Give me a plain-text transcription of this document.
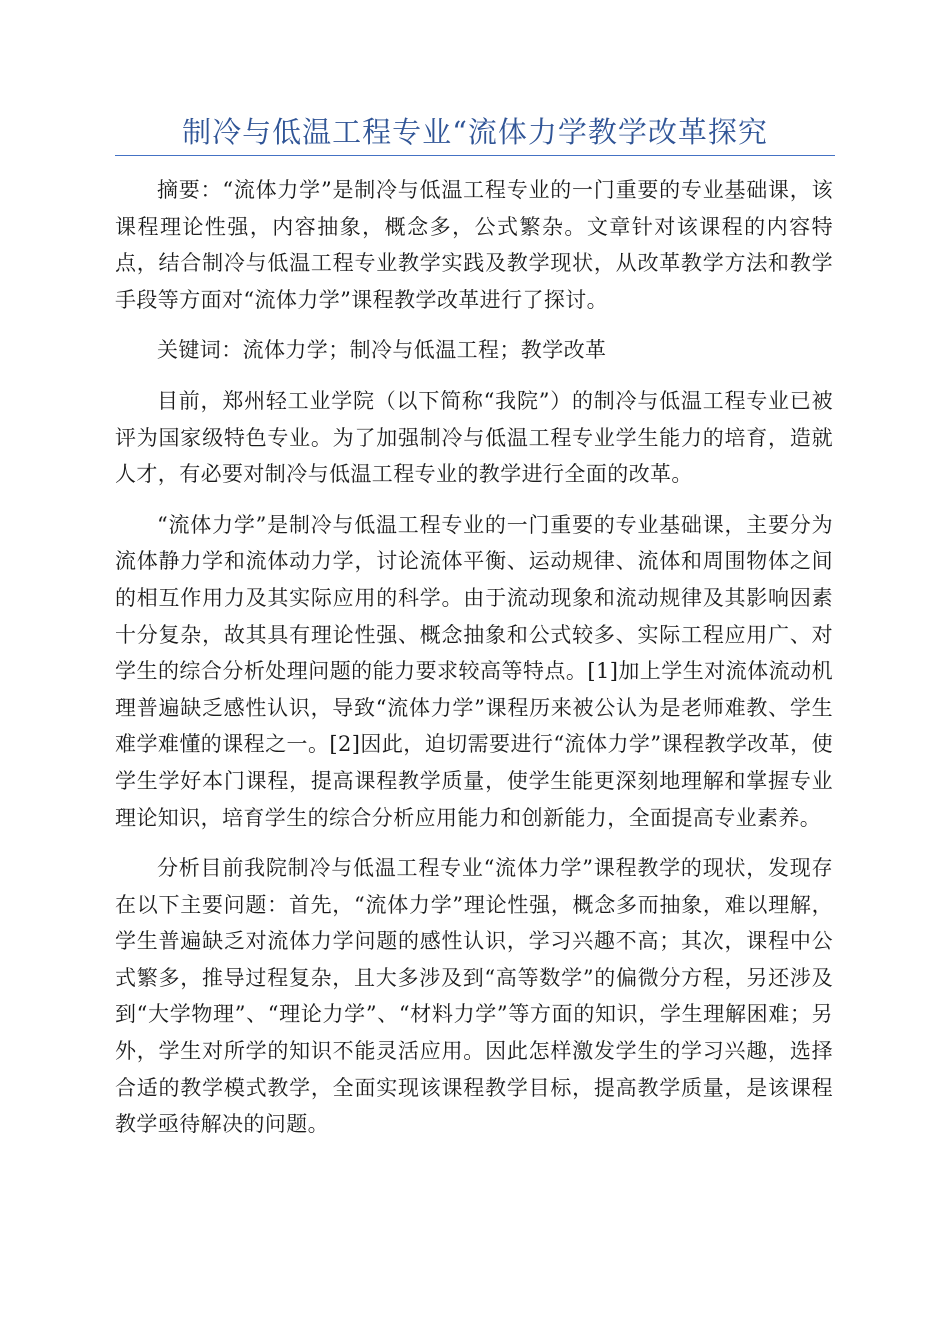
制冷与低温工程专业“流体力学教学改革探究

摘要：“流体力学”是制冷与低温工程专业的一门重要的专业基础课，该课程理论性强，内容抽象，概念多，公式繁杂。文章针对该课程的内容特点，结合制冷与低温工程专业教学实践及教学现状，从改革教学方法和教学手段等方面对“流体力学”课程教学改革进行了探讨。

关键词：流体力学；制冷与低温工程；教学改革

目前，郑州轻工业学院（以下简称“我院”）的制冷与低温工程专业已被评为国家级特色专业。为了加强制冷与低温工程专业学生能力的培育，造就人才，有必要对制冷与低温工程专业的教学进行全面的改革。

“流体力学”是制冷与低温工程专业的一门重要的专业基础课，主要分为流体静力学和流体动力学，讨论流体平衡、运动规律、流体和周围物体之间的相互作用力及其实际应用的科学。由于流动现象和流动规律及其影响因素十分复杂，故其具有理论性强、概念抽象和公式较多、实际工程应用广、对学生的综合分析处理问题的能力要求较高等特点。[1]加上学生对流体流动机理普遍缺乏感性认识，导致“流体力学”课程历来被公认为是老师难教、学生难学难懂的课程之一。[2]因此，迫切需要进行“流体力学”课程教学改革，使学生学好本门课程，提高课程教学质量，使学生能更深刻地理解和掌握专业理论知识，培育学生的综合分析应用能力和创新能力，全面提高专业素养。

分析目前我院制冷与低温工程专业“流体力学”课程教学的现状，发现存在以下主要问题：首先，“流体力学”理论性强，概念多而抽象，难以理解，学生普遍缺乏对流体力学问题的感性认识，学习兴趣不高；其次，课程中公式繁多，推导过程复杂，且大多涉及到“高等数学”的偏微分方程，另还涉及到“大学物理”、“理论力学”、“材料力学”等方面的知识，学生理解困难；另外，学生对所学的知识不能灵活应用。因此怎样激发学生的学习兴趣，选择合适的教学模式教学，全面实现该课程教学目标，提高教学质量，是该课程教学亟待解决的问题。
